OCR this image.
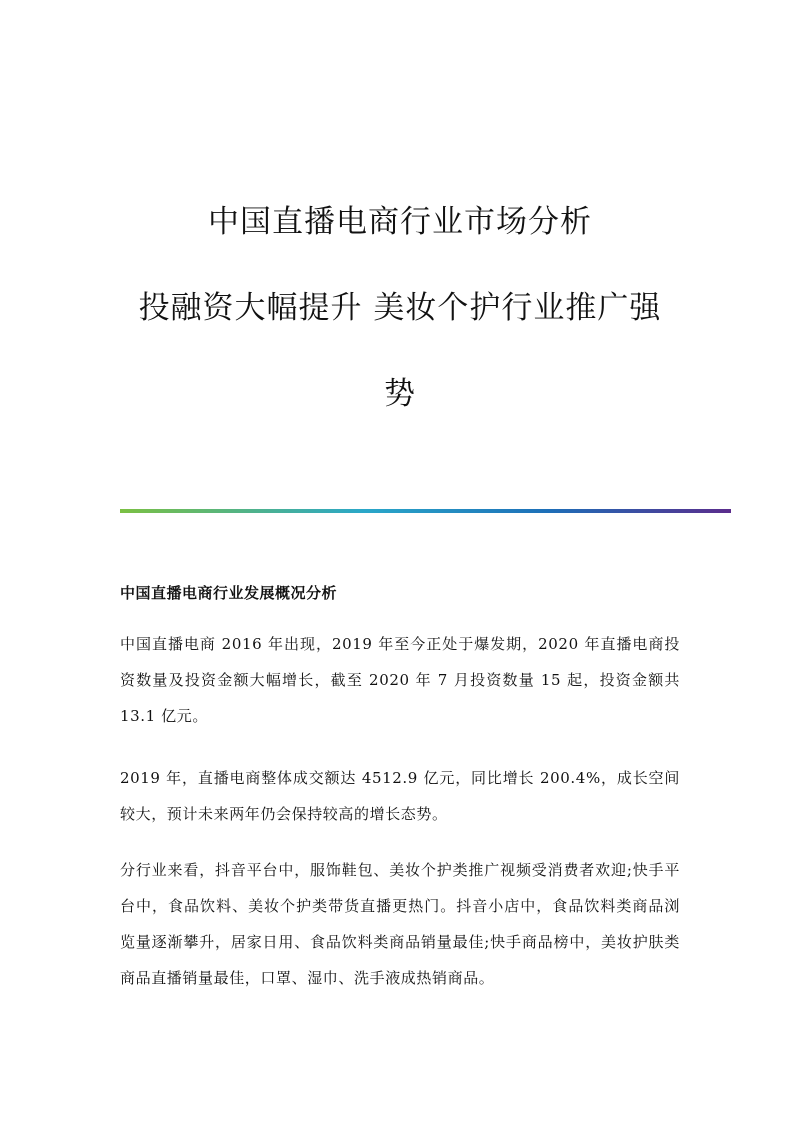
中国直播电商行业市场分析
投融资大幅提升 美妆个护行业推广强
势
中国直播电商行业发展概况分析

中国直播电商 2016 年出现，2019 年至今正处于爆发期，2020 年直播电商投资数量及投资金额大幅增长，截至 2020 年 7 月投资数量 15 起，投资金额共 13.1 亿元。

2019 年，直播电商整体成交额达 4512.9 亿元，同比增长 200.4%，成长空间较大，预计未来两年仍会保持较高的增长态势。

分行业来看，抖音平台中，服饰鞋包、美妆个护类推广视频受消费者欢迎;快手平台中，食品饮料、美妆个护类带货直播更热门。抖音小店中，食品饮料类商品浏览量逐渐攀升，居家日用、食品饮料类商品销量最佳;快手商品榜中，美妆护肤类商品直播销量最佳，口罩、湿巾、洗手液成热销商品。
